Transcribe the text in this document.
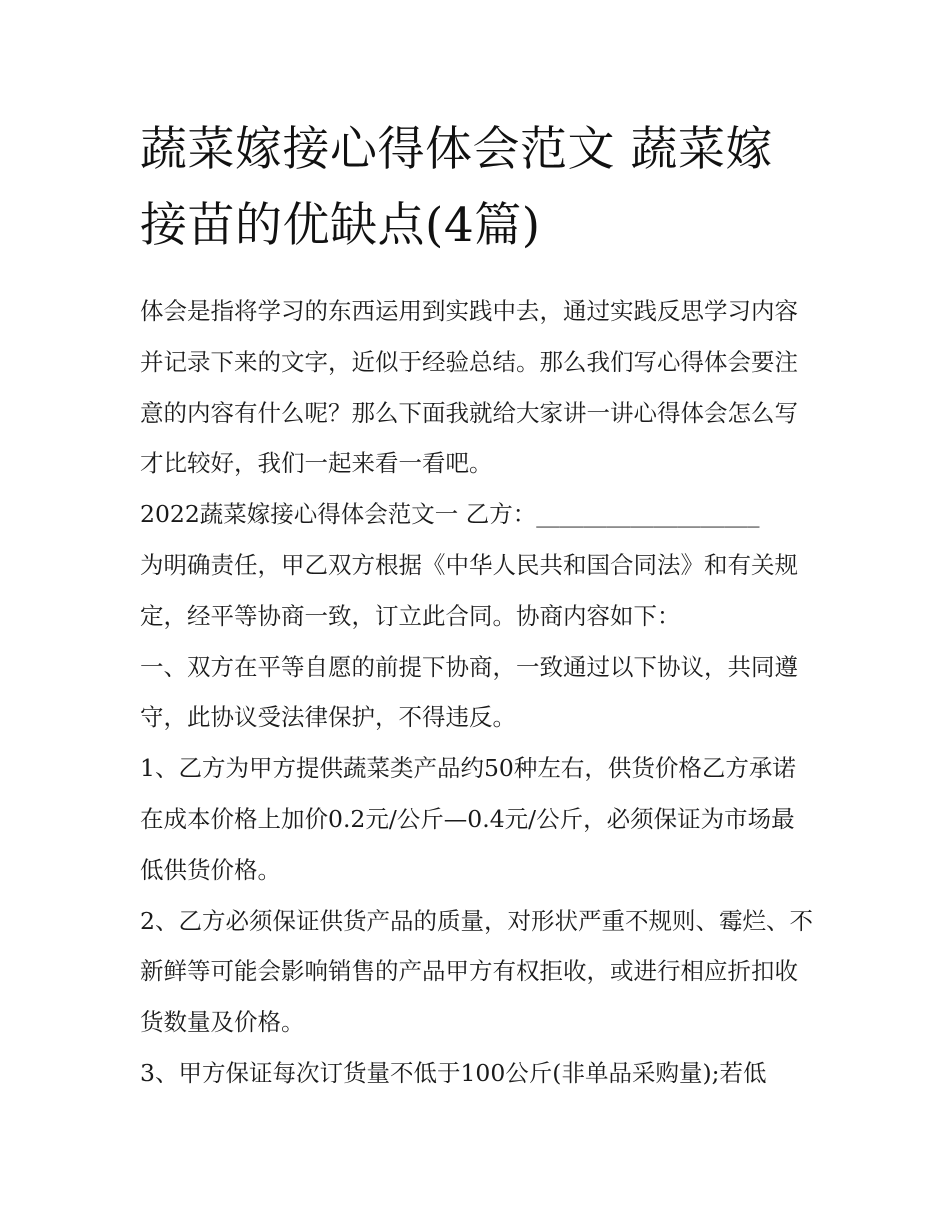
蔬菜嫁接心得体会范文 蔬菜嫁接苗的优缺点(4篇)

体会是指将学习的东西运用到实践中去，通过实践反思学习内容并记录下来的文字，近似于经验总结。那么我们写心得体会要注意的内容有什么呢？那么下面我就给大家讲一讲心得体会怎么写才比较好，我们一起来看一看吧。

2022蔬菜嫁接心得体会范文一 乙方：___________________

为明确责任，甲乙双方根据《中华人民共和国合同法》和有关规定，经平等协商一致，订立此合同。协商内容如下：

一、双方在平等自愿的前提下协商，一致通过以下协议，共同遵守，此协议受法律保护，不得违反。

1、乙方为甲方提供蔬菜类产品约50种左右，供货价格乙方承诺在成本价格上加价0.2元/公斤—0.4元/公斤，必须保证为市场最低供货价格。

2、乙方必须保证供货产品的质量，对形状严重不规则、霉烂、不新鲜等可能会影响销售的产品甲方有权拒收，或进行相应折扣收货数量及价格。

3、甲方保证每次订货量不低于100公斤(非单品采购量);若低
